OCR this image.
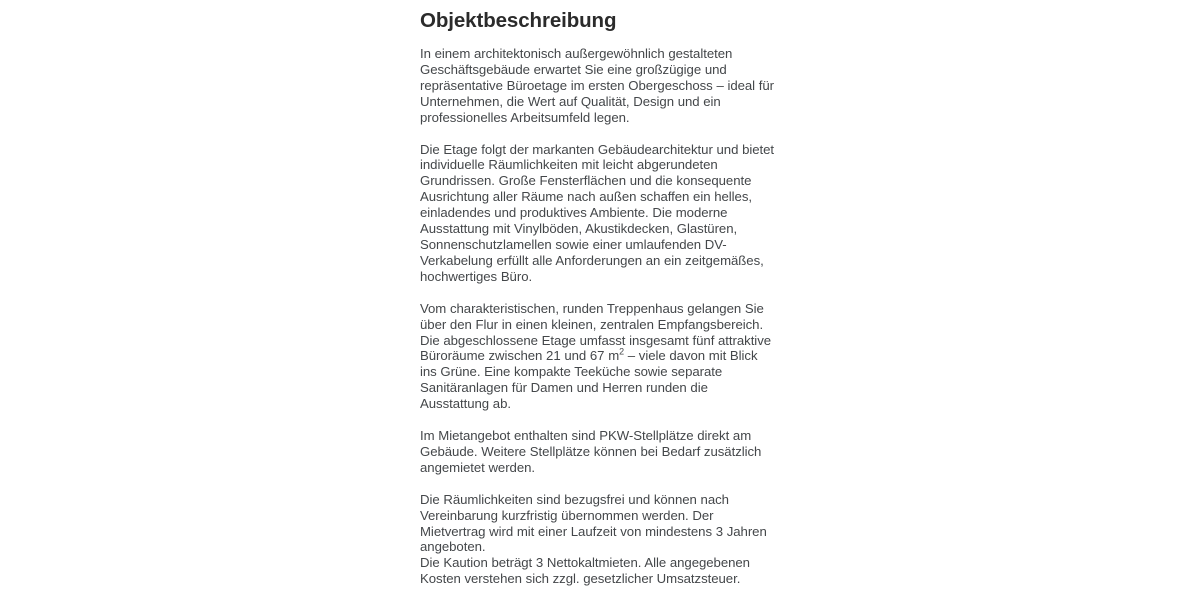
Objektbeschreibung

In einem architektonisch außergewöhnlich gestalteten Geschäftsgebäude erwartet Sie eine großzügige und repräsentative Büroetage im ersten Obergeschoss – ideal für Unternehmen, die Wert auf Qualität, Design und ein professionelles Arbeitsumfeld legen.

Die Etage folgt der markanten Gebäudearchitektur und bietet individuelle Räumlichkeiten mit leicht abgerundeten Grundrissen. Große Fensterflächen und die konsequente Ausrichtung aller Räume nach außen schaffen ein helles, einladendes und produktives Ambiente. Die moderne Ausstattung mit Vinylböden, Akustikdecken, Glastüren, Sonnenschutzlamellen sowie einer umlaufenden DV-Verkabelung erfüllt alle Anforderungen an ein zeitgemäßes, hochwertiges Büro.

Vom charakteristischen, runden Treppenhaus gelangen Sie über den Flur in einen kleinen, zentralen Empfangsbereich.
Die abgeschlossene Etage umfasst insgesamt fünf attraktive Büroräume zwischen 21 und 67 $m^2$ – viele davon mit Blick ins Grüne. Eine kompakte Teeküche sowie separate Sanitäranlagen für Damen und Herren runden die Ausstattung ab.

Im Mietangebot enthalten sind PKW-Stellplätze direkt am Gebäude. Weitere Stellplätze können bei Bedarf zusätzlich angemietet werden.

Die Räumlichkeiten sind bezugsfrei und können nach Vereinbarung kurzfristig übernommen werden. Der Mietvertrag wird mit einer Laufzeit von mindestens 3 Jahren angeboten.
Die Kaution beträgt 3 Nettokaltmieten. Alle angegebenen Kosten verstehen sich zzgl. gesetzlicher Umsatzsteuer.
